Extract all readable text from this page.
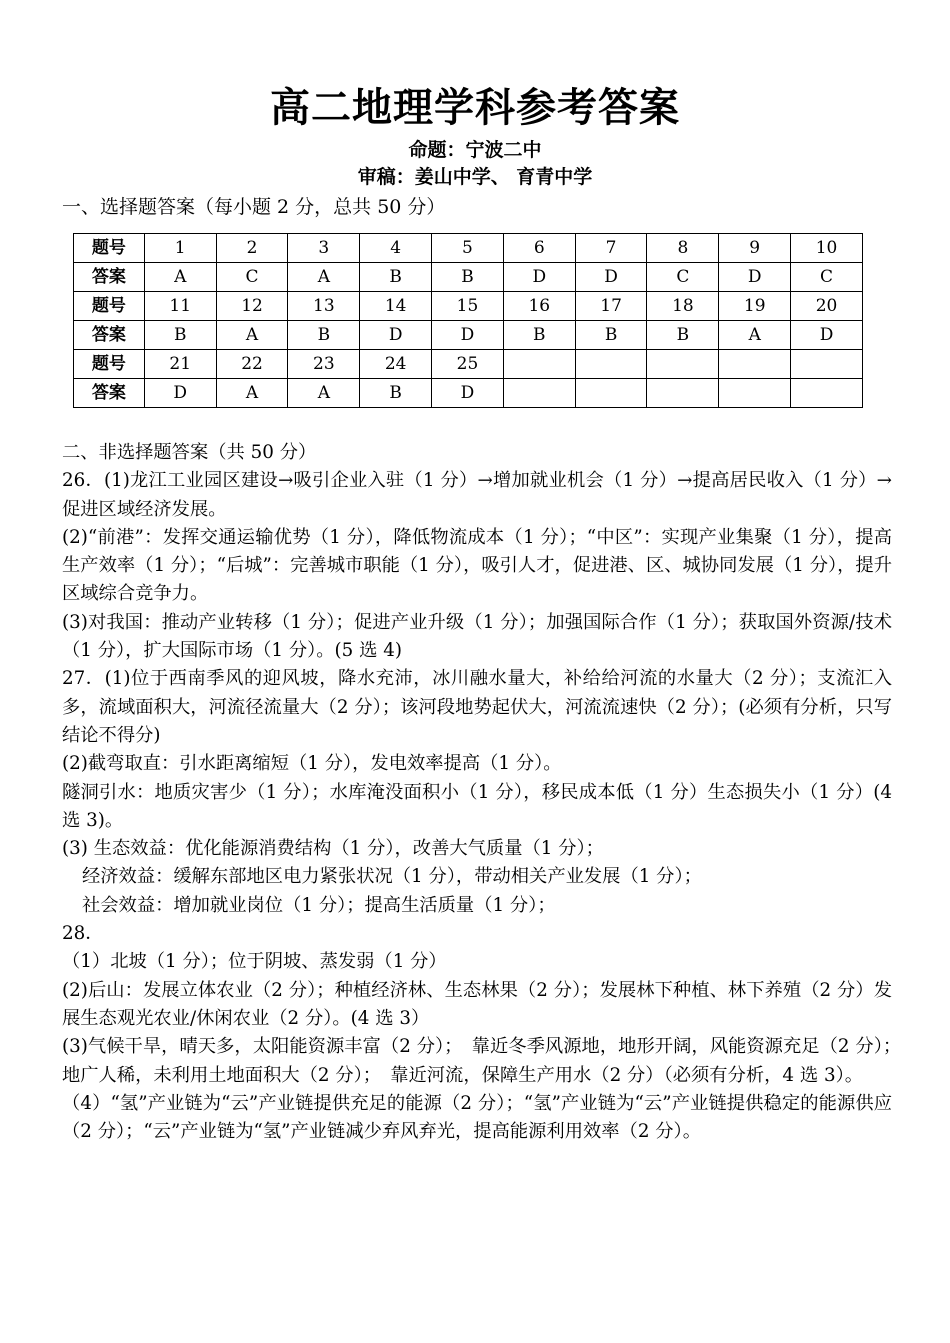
高二地理学科参考答案
命题：宁波二中
审稿：姜山中学、 育青中学
一、选择题答案（每小题 2 分，总共 50 分）
题号	1	2	3	4	5	6	7	8	9	10
答案	A	C	A	B	B	D	D	C	D	C
题号	11	12	13	14	15	16	17	18	19	20
答案	B	A	B	D	D	B	B	B	A	D
题号	21	22	23	24	25					
答案	D	A	A	B	D					

二、非选择题答案（共 50 分）

26．(1)龙江工业园区建设→吸引企业入驻（1 分）→增加就业机会（1 分）→提高居民收入（1 分）→促进区域经济发展。

(2)“前港”：发挥交通运输优势（1 分），降低物流成本（1 分）；“中区”：实现产业集聚（1 分），提高生产效率（1 分）；“后城”：完善城市职能（1 分），吸引人才，促进港、区、城协同发展（1 分），提升区域综合竞争力。

(3)对我国：推动产业转移（1 分）；促进产业升级（1 分）；加强国际合作（1 分）；获取国外资源/技术（1 分），扩大国际市场（1 分）。(5 选 4)

27．(1)位于西南季风的迎风坡，降水充沛，冰川融水量大，补给给河流的水量大（2 分）；支流汇入多，流域面积大，河流径流量大（2 分）；该河段地势起伏大，河流流速快（2 分）；(必须有分析，只写结论不得分)

(2)截弯取直：引水距离缩短（1 分），发电效率提高（1 分）。

隧洞引水：地质灾害少（1 分）；水库淹没面积小（1 分），移民成本低（1 分）生态损失小（1 分）(4 选 3)。

(3) 生态效益：优化能源消费结构（1 分），改善大气质量（1 分）；

经济效益：缓解东部地区电力紧张状况（1 分），带动相关产业发展（1 分）；

社会效益：增加就业岗位（1 分）；提高生活质量（1 分）；

28．

（1）北坡（1 分）；位于阴坡、蒸发弱（1 分）

(2)后山：发展立体农业（2 分）；种植经济林、生态林果（2 分）；发展林下种植、林下养殖（2 分）发展生态观光农业/休闲农业（2 分）。(4 选 3）

(3)气候干旱，晴天多，太阳能资源丰富（2 分）；　靠近冬季风源地，地形开阔，风能资源充足（2 分）；　地广人稀，未利用土地面积大（2 分）；　靠近河流，保障生产用水（2 分）（必须有分析，4 选 3）。

（4）“氢”产业链为“云”产业链提供充足的能源（2 分）；“氢”产业链为“云”产业链提供稳定的能源供应（2 分）；“云”产业链为“氢”产业链减少弃风弃光，提高能源利用效率（2 分）。
